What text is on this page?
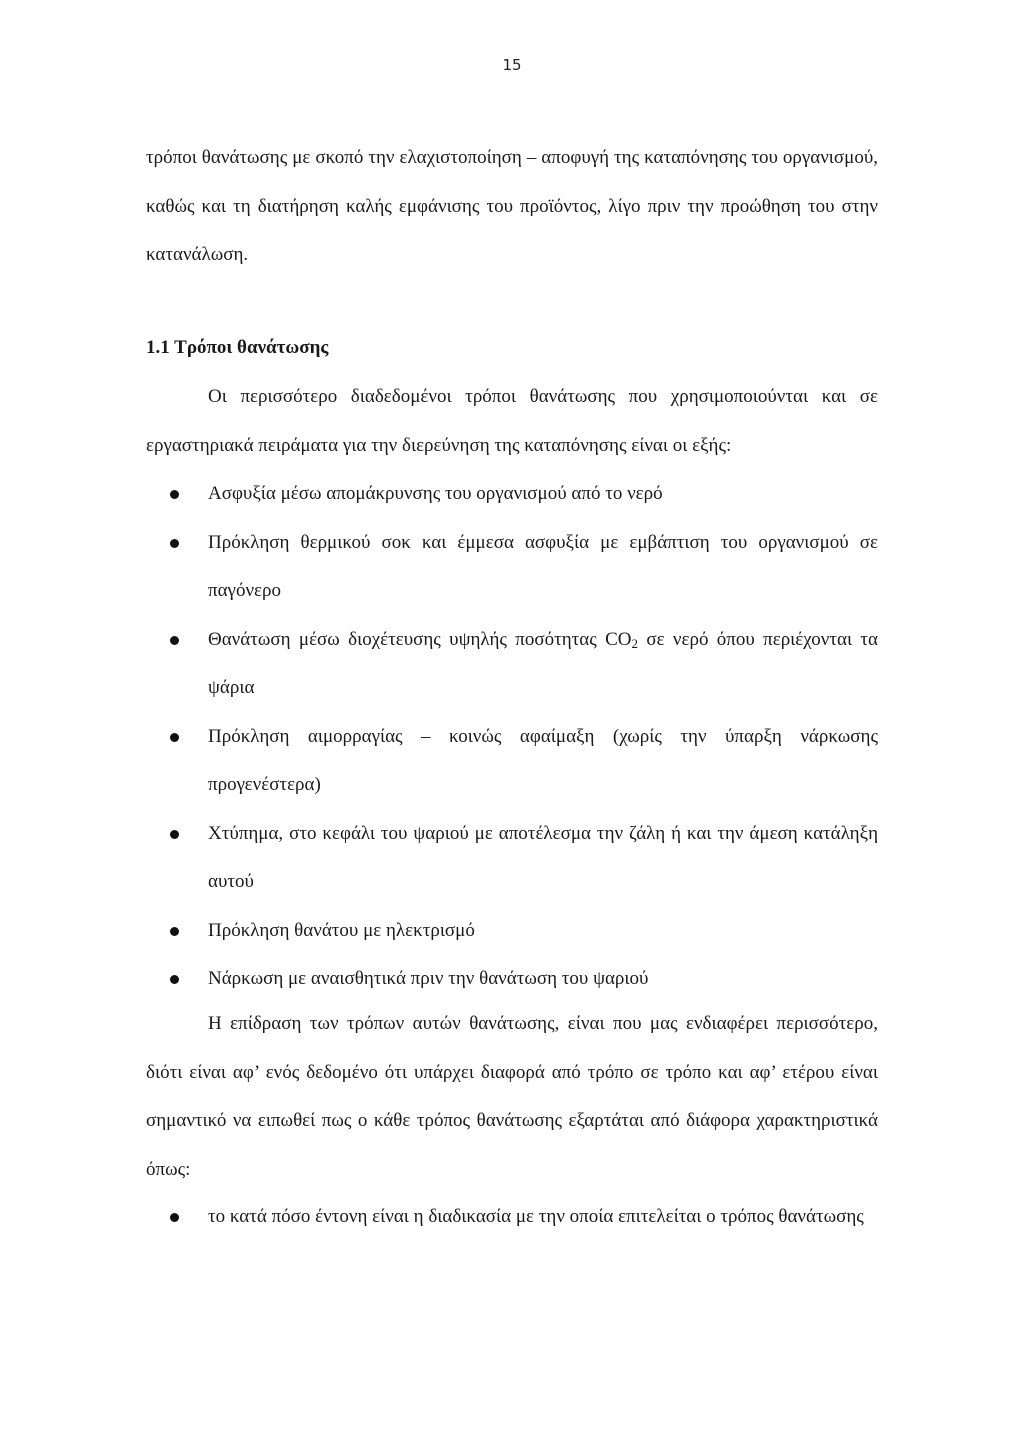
15

τρόποι θανάτωσης με σκοπό την ελαχιστοποίηση – αποφυγή της καταπόνησης του οργανισμού, καθώς και τη διατήρηση καλής εμφάνισης του προϊόντος, λίγο πριν την προώθηση του στην κατανάλωση.

1.1 Τρόποι θανάτωσης

Οι περισσότερο διαδεδομένοι τρόποι θανάτωσης που χρησιμοποιούνται και σε εργαστηριακά πειράματα για την διερεύνηση της καταπόνησης είναι οι εξής:

Ασφυξία μέσω απομάκρυνσης του οργανισμού από το νερό
Πρόκληση θερμικού σοκ και έμμεσα ασφυξία με εμβάπτιση του οργανισμού σε παγόνερο
Θανάτωση μέσω διοχέτευσης υψηλής ποσότητας $CO_2$ σε νερό όπου περιέχονται τα ψάρια
Πρόκληση αιμορραγίας – κοινώς αφαίμαξη (χωρίς την ύπαρξη νάρκωσης προγενέστερα)
Χτύπημα, στο κεφάλι του ψαριού με αποτέλεσμα την ζάλη ή και την άμεση κατάληξη αυτού
Πρόκληση θανάτου με ηλεκτρισμό
Νάρκωση με αναισθητικά πριν την θανάτωση του ψαριού

Η επίδραση των τρόπων αυτών θανάτωσης, είναι που μας ενδιαφέρει περισσότερο, διότι είναι αφ’ ενός δεδομένο ότι υπάρχει διαφορά από τρόπο σε τρόπο και αφ’ ετέρου είναι σημαντικό να ειπωθεί πως ο κάθε τρόπος θανάτωσης εξαρτάται από διάφορα χαρακτηριστικά όπως:

το κατά πόσο έντονη είναι η διαδικασία με την οποία επιτελείται ο τρόπος θανάτωσης
